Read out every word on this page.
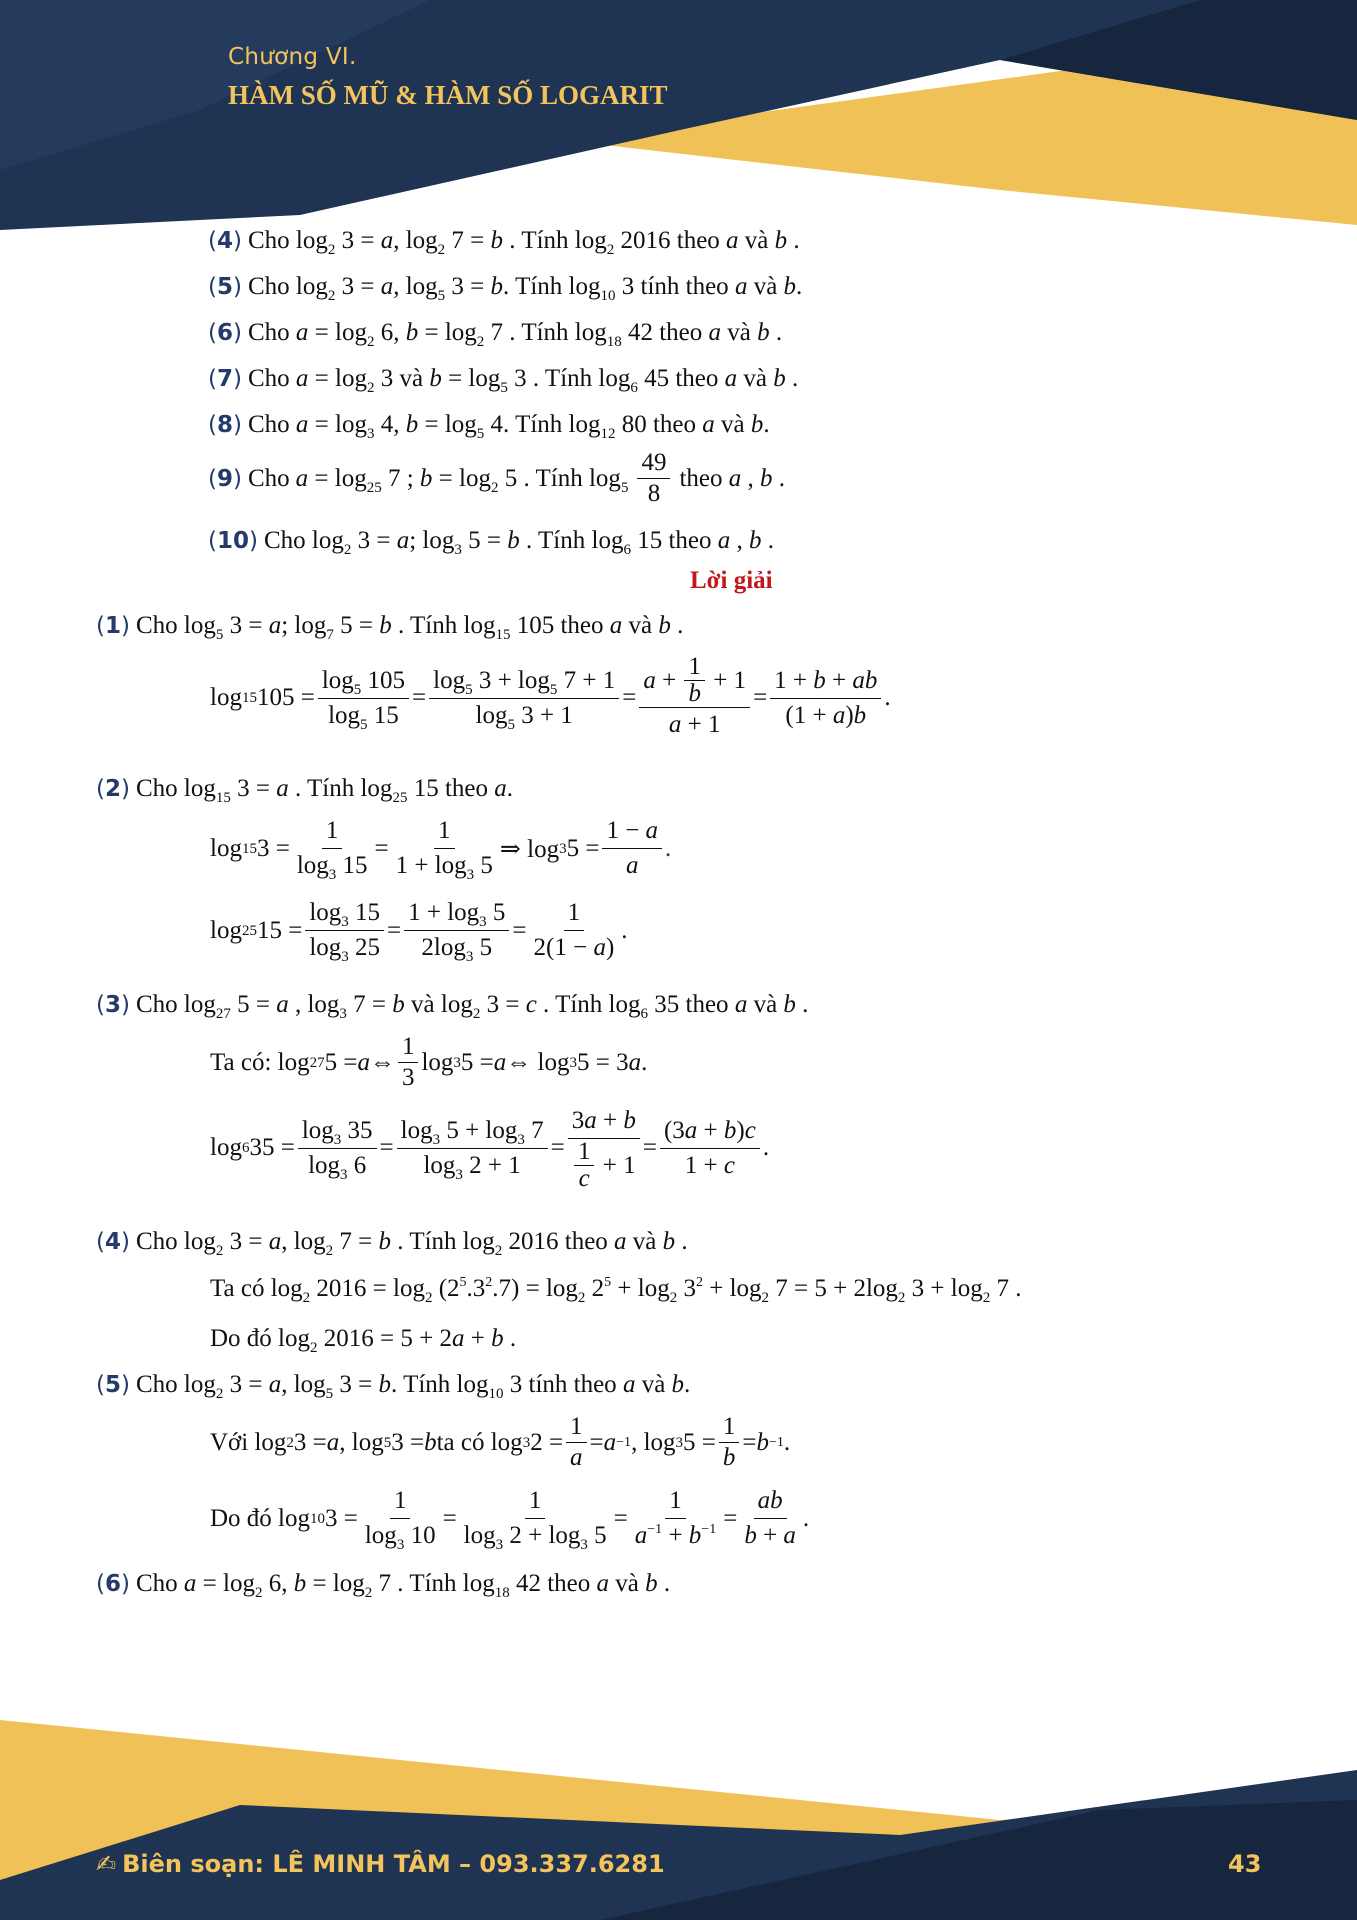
Chương VI.
HÀM SỐ MŨ & HÀM SỐ LOGARIT
( 4 ) Cho $\log_2 3 = a$, $\log_2 7 = b$ . Tính $\log_2 2016$ theo a và b .
( 5 ) Cho $\log_2 3 = a$, $\log_5 3 = b$. Tính $\log_{10} 3$ tính theo a và b.
( 6 ) Cho $a = \log_2 6$, $b = \log_2 7$ . Tính $\log_{18} 42$ theo a và b .
( 7 ) Cho $a = \log_2 3$ và $b = \log_5 3$ . Tính $\log_6 45$ theo a và b .
( 8 ) Cho $a = \log_3 4$, $b = \log_5 4$. Tính $\log_{12} 80$ theo a và b.
( 9 ) Cho $a = \log_{25} 7$ ; $b = \log_2 5$ . Tính $\log_5$
49
8
theo a , b .
( 10 ) Cho $\log_2 3 = a$; $\log_3 5 = b$ . Tính $\log_6 15$ theo a , b .
Lời giải
( 1 ) Cho $\log_5 3 = a$; $\log_7 5 = b$ . Tính $\log_{15} 105$ theo a và b .
log 15 105 =
$\log_5 105$
$\log_5 15$
=
$\log_5 3 + \log_5 7 + 1$
$\log_5 3 + 1$
=
a + 1
b + 1
a + 1
=
1 + b + ab
(1 + a)b
.
( 2 ) Cho $\log_{15} 3 = a$ . Tính $\log_{25} 15$ theo a.
log 15 3 =
1
$\log_3 15$
=
1
$1 + \log_3 5$
⇒ log 3 5 =
1 − a
a
.
log 25 15 =
$\log_3 15$
$\log_3 25$
=
$1 + \log_3 5$
$2\log_3$ 5
=
1
2(1 − a)
.
( 3 ) Cho $\log_{27} 5 = a$ , $\log_3 7 = b$ và $\log_2 3 = c$ . Tính $\log_6 35$ theo a và b .
Ta có: log 27 5 = a ⇔
1
3
log 3 5 = a ⇔ log 3 5 = 3 a .
log 6 35 =
$\log_3 35$
$\log_3 6$
=
$\log_3 5 + \log_3 7$
$\log_3 2 + 1$
=
3a + b
1
c + 1
=
(3a + b)c
1 + c
.
( 4 ) Cho $\log_2 3 = a$, $\log_2 7 = b$ . Tính $\log_2 2016$ theo a và b .
Ta có $\log_2 2016 = \log_2 (2^5.3^2.7) = \log_2 2^5 + \log_2 3^2 + \log_2 7 = 5 + 2\log_2$ $3 + \log_2 7$ .
Do đó $\log_2 2016 = 5 + 2a + b$ .
( 5 ) Cho $\log_2 3 = a$, $\log_5 3 = b$. Tính $\log_{10} 3$ tính theo a và b.
Với log 2 3 = a , log 5 3 = b ta có log 3 2 =
1
a
= a −1 , log 3 5 =
1
b
= b −1 .
Do đó log 10 3 =
1
$\log_3 10$
=
1
$\log_3 2 + \log_3 5$
=
1
$a^{-1} + b^{-1}$ =
ab
b + a
.
( 6 ) Cho $a = \log_2 6$, $b = \log_2 7$ . Tính $\log_{18} 42$ theo a và b .
✍ Biên soạn: LÊ MINH TÂM – 093.337.6281	43
